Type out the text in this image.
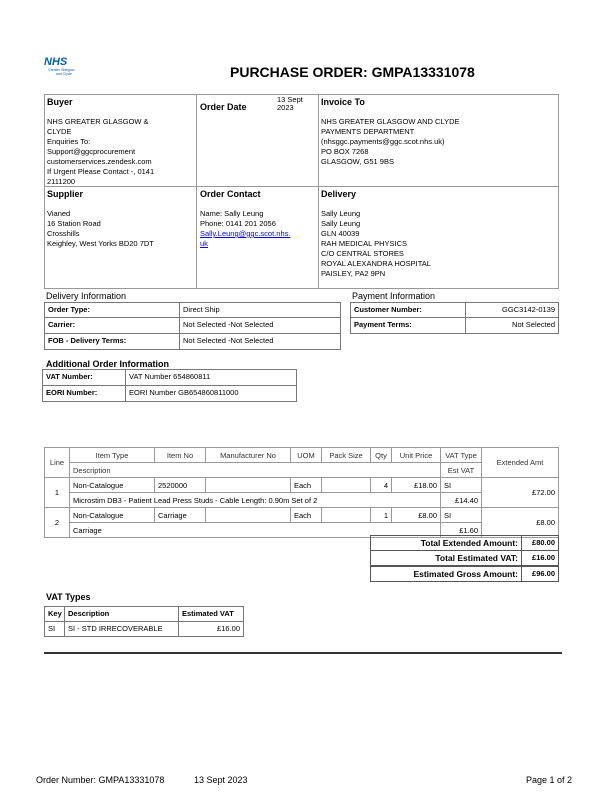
NHS
Greater Glasgow
and Clyde	PURCHASE ORDER: GMPA13331078
Buyer
NHS GREATER GLASGOW &
CLYDE
Enquiries To:
Support@ggcprocurement
customerservices.zendesk.com
If Urgent Please Contact -, 0141
2111200
Order Date
13 Sept
2023
Invoice To
NHS GREATER GLASGOW AND CLYDE
PAYMENTS DEPARTMENT
(nhsggc.payments@ggc.scot.nhs.uk)
PO BOX 7268
GLASGOW, G51 9BS
Supplier
Vianed
16 Station Road
Crosshills
Keighley, West Yorks BD20 7DT
Order Contact
Name: Sally Leung
Phone: 0141 201 2056
Sally.Leung@ggc.scot.nhs.
uk
Delivery
Sally Leung
Sally Leung
GLN 40039
RAH MEDICAL PHYSICS
C/O CENTRAL STORES
ROYAL ALEXANDRA HOSPITAL
PAISLEY, PA2 9PN
Delivery Information
Order Type:	Direct Ship
Carrier:	Not Selected -Not Selected
FOB - Delivery Terms:	Not Selected -Not Selected
Payment Information
Customer Number:	GGC3142-0139
Payment Terms:	Not Selected
Additional Order Information
VAT Number:	VAT Number 654860811
EORI Number:	EORI Number GB654860811000
Line	Item Type	Item No	Manufacturer No	UOM	Pack Size	Qty	Unit Price	VAT Type	Extended Amt
	Description							Est VAT	
1	Non-Catalogue	2520000		Each		4	£18.00	SI	£72.00
	Microstim DB3 - Patient Lead Press Studs - Cable Length: 0.90m Set of 2							£14.40	
2	Non-Catalogue	Carriage		Each		1	£8.00	SI	£8.00
	Carriage							£1.60	
Total Extended Amount:	£80.00
Total Estimated VAT:	£16.00
Estimated Gross Amount:	£96.00
VAT Types
Key Description	Estimated VAT
SI	SI - STD IRRECOVERABLE	£16.00
Order Number: GMPA13331078	13 Sept 2023	Page 1 of 2
